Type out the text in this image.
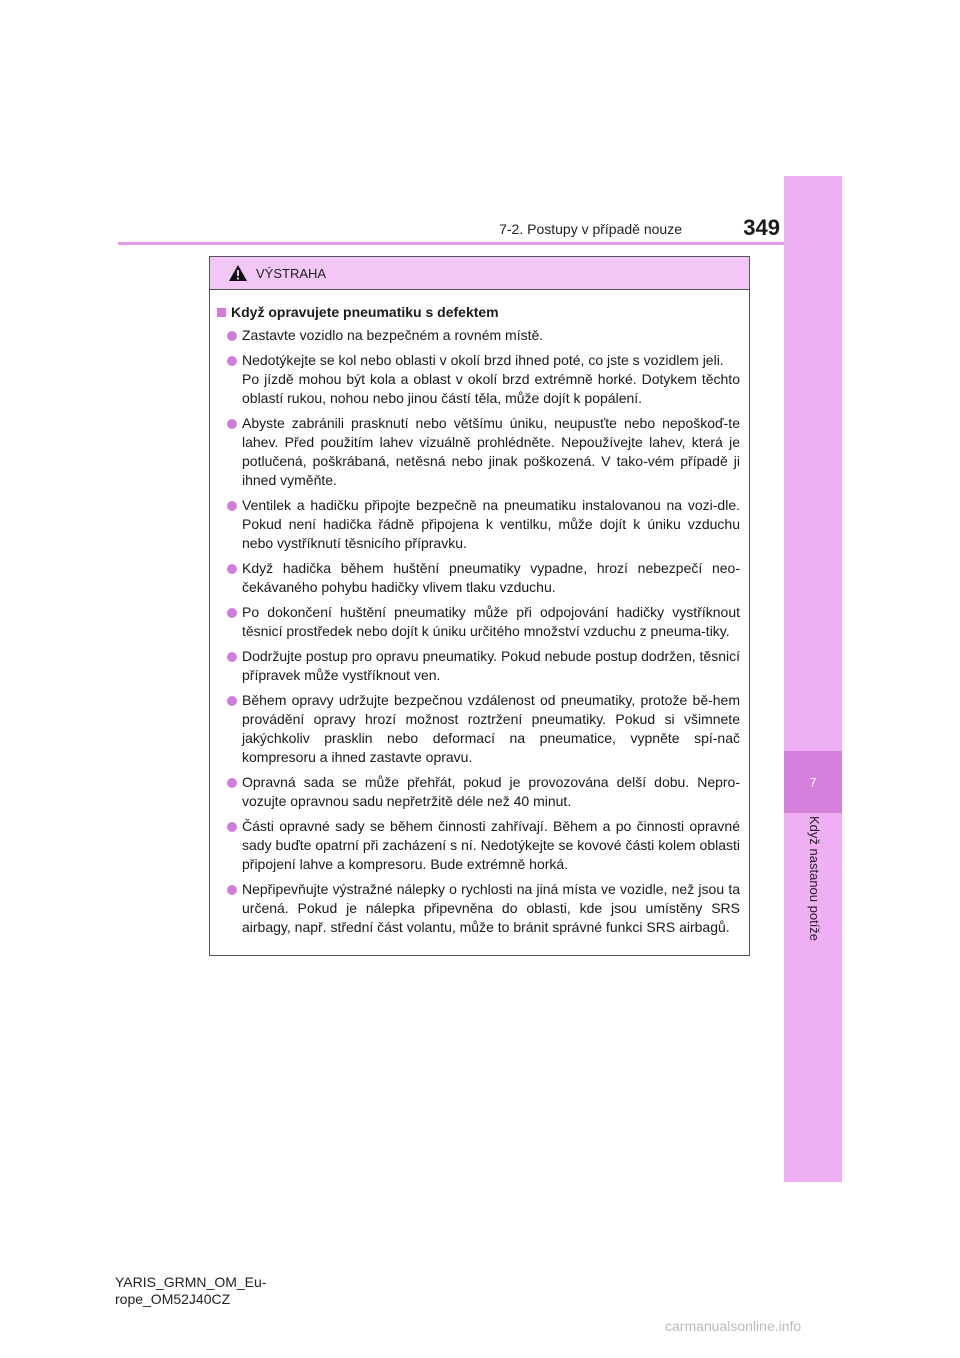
7
Když nastanou potíže
7-2. Postupy v případě nouze	349
VÝSTRAHA
Když opravujete pneumatiku s defektem

Zastavte vozidlo na bezpečném a rovném místě.

Nedotýkejte se kol nebo oblasti v okolí brzd ihned poté, co jste s vozidlem jeli.

Po jízdě mohou být kola a oblast v okolí brzd extrémně horké. Dotykem těchto oblastí rukou, nohou nebo jinou částí těla, může dojít k popálení.

Abyste zabránili prasknutí nebo většímu úniku, neupusťte nebo nepoškoď-te lahev. Před použitím lahev vizuálně prohlédněte. Nepoužívejte lahev, která je potlučená, poškrábaná, netěsná nebo jinak poškozená. V tako-vém případě ji ihned vyměňte.

Ventilek a hadičku připojte bezpečně na pneumatiku instalovanou na vozi-dle. Pokud není hadička řádně připojena k ventilku, může dojít k úniku vzduchu nebo vystříknutí těsnicího přípravku.

Když hadička během huštění pneumatiky vypadne, hrozí nebezpečí neo-čekávaného pohybu hadičky vlivem tlaku vzduchu.

Po dokončení huštění pneumatiky může při odpojování hadičky vystříknout těsnicí prostředek nebo dojít k úniku určitého množství vzduchu z pneuma-tiky.

Dodržujte postup pro opravu pneumatiky. Pokud nebude postup dodržen, těsnicí přípravek může vystříknout ven.

Během opravy udržujte bezpečnou vzdálenost od pneumatiky, protože bě-hem provádění opravy hrozí možnost roztržení pneumatiky. Pokud si všimnete jakýchkoliv prasklin nebo deformací na pneumatice, vypněte spí-nač kompresoru a ihned zastavte opravu.

Opravná sada se může přehřát, pokud je provozována delší dobu. Nepro-vozujte opravnou sadu nepřetržitě déle než 40 minut.

Části opravné sady se během činnosti zahřívají. Během a po činnosti opravné sady buďte opatrní při zacházení s ní. Nedotýkejte se kovové části kolem oblasti připojení lahve a kompresoru. Bude extrémně horká.

Nepřipevňujte výstražné nálepky o rychlosti na jiná místa ve vozidle, než jsou ta určená. Pokud je nálepka připevněna do oblasti, kde jsou umístěny SRS airbagy, např. střední část volantu, může to bránit správné funkci SRS airbagů.

YARIS_GRMN_OM_Eu-
rope_OM52J40CZ
carmanualsonline.info
